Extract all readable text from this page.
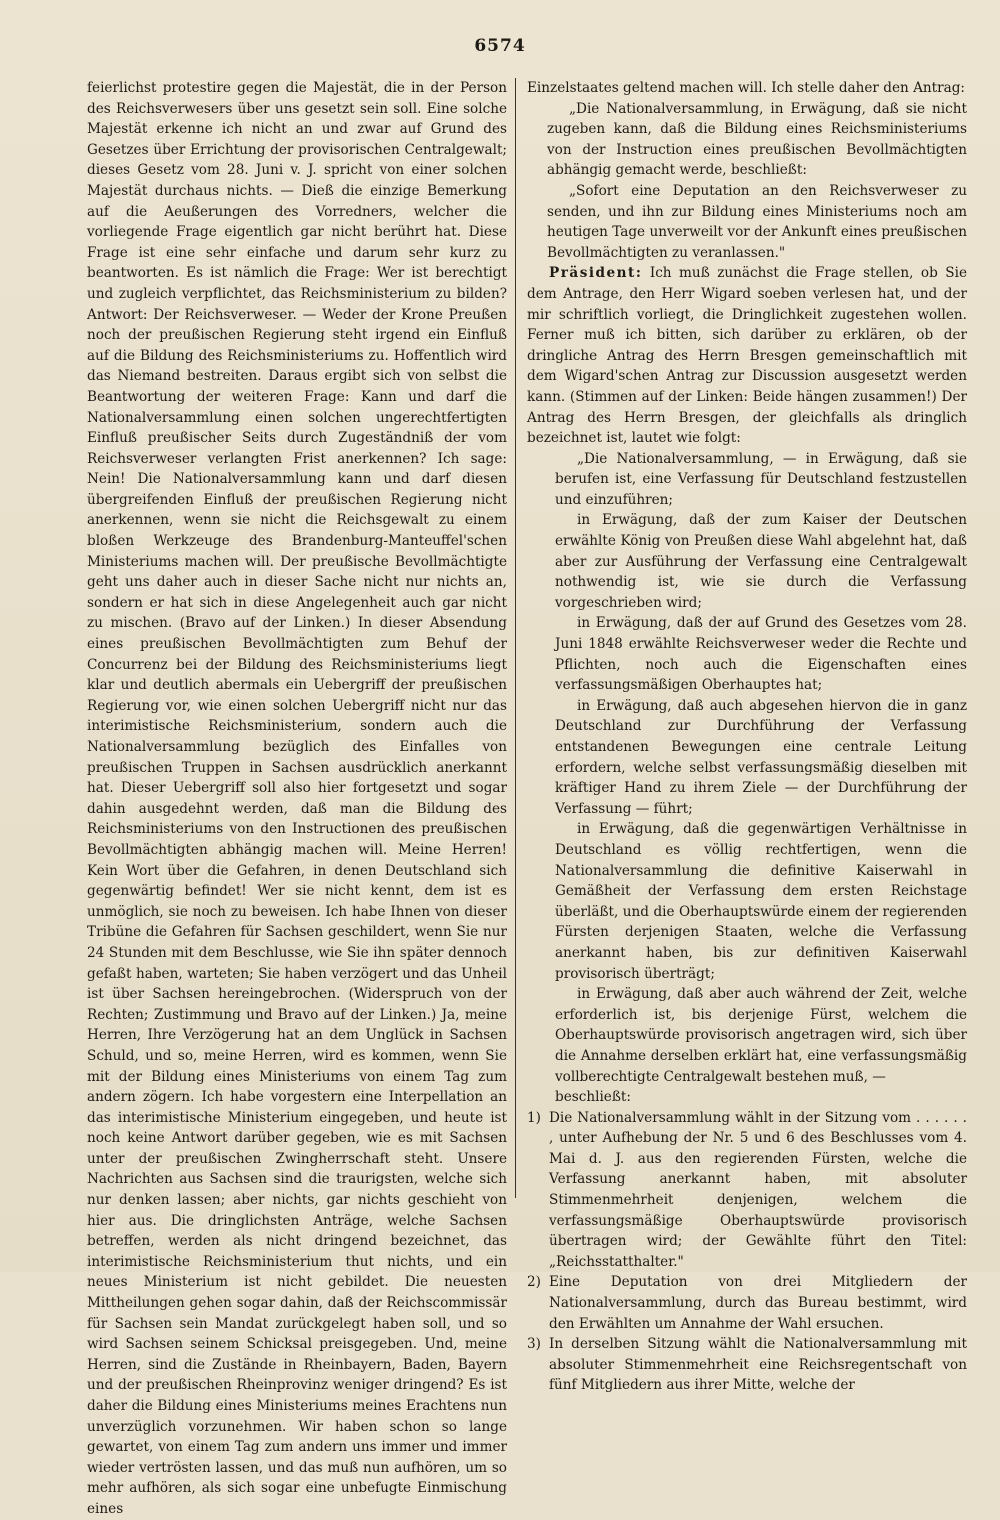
6574

feierlichst protestire gegen die Majestät, die in der Person des Reichsverwesers über uns gesetzt sein soll. Eine solche Majestät erkenne ich nicht an und zwar auf Grund des Gesetzes über Errichtung der provisorischen Centralgewalt; dieses Gesetz vom 28. Juni v. J. spricht von einer solchen Majestät durchaus nichts. — Dieß die einzige Bemerkung auf die Aeußerungen des Vorredners, welcher die vorliegende Frage eigentlich gar nicht berührt hat. Diese Frage ist eine sehr einfache und darum sehr kurz zu beantworten. Es ist nämlich die Frage: Wer ist berechtigt und zugleich verpflichtet, das Reichsministerium zu bilden? Antwort: Der Reichsverweser. — Weder der Krone Preußen noch der preußischen Regierung steht irgend ein Einfluß auf die Bildung des Reichsministeriums zu. Hoffentlich wird das Niemand bestreiten. Daraus ergibt sich von selbst die Beantwortung der weiteren Frage: Kann und darf die Nationalversammlung einen solchen ungerechtfertigten Einfluß preußischer Seits durch Zugeständniß der vom Reichsverweser verlangten Frist anerkennen? Ich sage: Nein! Die Nationalversammlung kann und darf diesen übergreifenden Einfluß der preußischen Regierung nicht anerkennen, wenn sie nicht die Reichsgewalt zu einem bloßen Werkzeuge des Brandenburg-Manteuffel'schen Ministeriums machen will. Der preußische Bevollmächtigte geht uns daher auch in dieser Sache nicht nur nichts an, sondern er hat sich in diese Angelegenheit auch gar nicht zu mischen. (Bravo auf der Linken.) In dieser Absendung eines preußischen Bevollmächtigten zum Behuf der Concurrenz bei der Bildung des Reichsministeriums liegt klar und deutlich abermals ein Uebergriff der preußischen Regierung vor, wie einen solchen Uebergriff nicht nur das interimistische Reichsministerium, sondern auch die Nationalversammlung bezüglich des Einfalles von preußischen Truppen in Sachsen ausdrücklich anerkannt hat. Dieser Uebergriff soll also hier fortgesetzt und sogar dahin ausgedehnt werden, daß man die Bildung des Reichsministeriums von den Instructionen des preußischen Bevollmächtigten abhängig machen will. Meine Herren! Kein Wort über die Gefahren, in denen Deutschland sich gegenwärtig befindet! Wer sie nicht kennt, dem ist es unmöglich, sie noch zu beweisen. Ich habe Ihnen von dieser Tribüne die Gefahren für Sachsen geschildert, wenn Sie nur 24 Stunden mit dem Beschlusse, wie Sie ihn später dennoch gefaßt haben, warteten; Sie haben verzögert und das Unheil ist über Sachsen hereingebrochen. (Widerspruch von der Rechten; Zustimmung und Bravo auf der Linken.) Ja, meine Herren, Ihre Verzögerung hat an dem Unglück in Sachsen Schuld, und so, meine Herren, wird es kommen, wenn Sie mit der Bildung eines Ministeriums von einem Tag zum andern zögern. Ich habe vorgestern eine Interpellation an das interimistische Ministerium eingegeben, und heute ist noch keine Antwort darüber gegeben, wie es mit Sachsen unter der preußischen Zwingherrschaft steht. Unsere Nachrichten aus Sachsen sind die traurigsten, welche sich nur denken lassen; aber nichts, gar nichts geschieht von hier aus. Die dringlichsten Anträge, welche Sachsen betreffen, werden als nicht dringend bezeichnet, das interimistische Reichsministerium thut nichts, und ein neues Ministerium ist nicht gebildet. Die neuesten Mittheilungen gehen sogar dahin, daß der Reichscommissär für Sachsen sein Mandat zurückgelegt haben soll, und so wird Sachsen seinem Schicksal preisgegeben. Und, meine Herren, sind die Zustände in Rheinbayern, Baden, Bayern und der preußischen Rheinprovinz weniger dringend? Es ist daher die Bildung eines Ministeriums meines Erachtens nun unverzüglich vorzunehmen. Wir haben schon so lange gewartet, von einem Tag zum andern uns immer und immer wieder vertrösten lassen, und das muß nun aufhören, um so mehr aufhören, als sich sogar eine unbefugte Einmischung eines

Einzelstaates geltend machen will. Ich stelle daher den Antrag:

„Die Nationalversammlung, in Erwägung, daß sie nicht zugeben kann, daß die Bildung eines Reichsministeriums von der Instruction eines preußischen Bevollmächtigten abhängig gemacht werde, beschließt:

„Sofort eine Deputation an den Reichsverweser zu senden, und ihn zur Bildung eines Ministeriums noch am heutigen Tage unverweilt vor der Ankunft eines preußischen Bevollmächtigten zu veranlassen."

Präsident: Ich muß zunächst die Frage stellen, ob Sie dem Antrage, den Herr Wigard soeben verlesen hat, und der mir schriftlich vorliegt, die Dringlichkeit zugestehen wollen. Ferner muß ich bitten, sich darüber zu erklären, ob der dringliche Antrag des Herrn Bresgen gemeinschaftlich mit dem Wigard'schen Antrag zur Discussion ausgesetzt werden kann. (Stimmen auf der Linken: Beide hängen zusammen!) Der Antrag des Herrn Bresgen, der gleichfalls als dringlich bezeichnet ist, lautet wie folgt:

„Die Nationalversammlung, — in Erwägung, daß sie berufen ist, eine Verfassung für Deutschland festzustellen und einzuführen;

in Erwägung, daß der zum Kaiser der Deutschen erwählte König von Preußen diese Wahl abgelehnt hat, daß aber zur Ausführung der Verfassung eine Centralgewalt nothwendig ist, wie sie durch die Verfassung vorgeschrieben wird;

in Erwägung, daß der auf Grund des Gesetzes vom 28. Juni 1848 erwählte Reichsverweser weder die Rechte und Pflichten, noch auch die Eigenschaften eines verfassungsmäßigen Oberhauptes hat;

in Erwägung, daß auch abgesehen hiervon die in ganz Deutschland zur Durchführung der Verfassung entstandenen Bewegungen eine centrale Leitung erfordern, welche selbst verfassungsmäßig dieselben mit kräftiger Hand zu ihrem Ziele — der Durchführung der Verfassung — führt;

in Erwägung, daß die gegenwärtigen Verhältnisse in Deutschland es völlig rechtfertigen, wenn die Nationalversammlung die definitive Kaiserwahl in Gemäßheit der Verfassung dem ersten Reichstage überläßt, und die Oberhauptswürde einem der regierenden Fürsten derjenigen Staaten, welche die Verfassung anerkannt haben, bis zur definitiven Kaiserwahl provisorisch überträgt;

in Erwägung, daß aber auch während der Zeit, welche erforderlich ist, bis derjenige Fürst, welchem die Oberhauptswürde provisorisch angetragen wird, sich über die Annahme derselben erklärt hat, eine verfassungsmäßig vollberechtigte Centralgewalt bestehen muß, —

beschließt:

1) Die Nationalversammlung wählt in der Sitzung vom . . . . . . , unter Aufhebung der Nr. 5 und 6 des Beschlusses vom 4. Mai d. J. aus den regierenden Fürsten, welche die Verfassung anerkannt haben, mit absoluter Stimmenmehrheit denjenigen, welchem die verfassungsmäßige Oberhauptswürde provisorisch übertragen wird; der Gewählte führt den Titel: „Reichsstatthalter."
2) Eine Deputation von drei Mitgliedern der Nationalversammlung, durch das Bureau bestimmt, wird den Erwählten um Annahme der Wahl ersuchen.
3) In derselben Sitzung wählt die Nationalversammlung mit absoluter Stimmenmehrheit eine Reichsregentschaft von fünf Mitgliedern aus ihrer Mitte, welche der
